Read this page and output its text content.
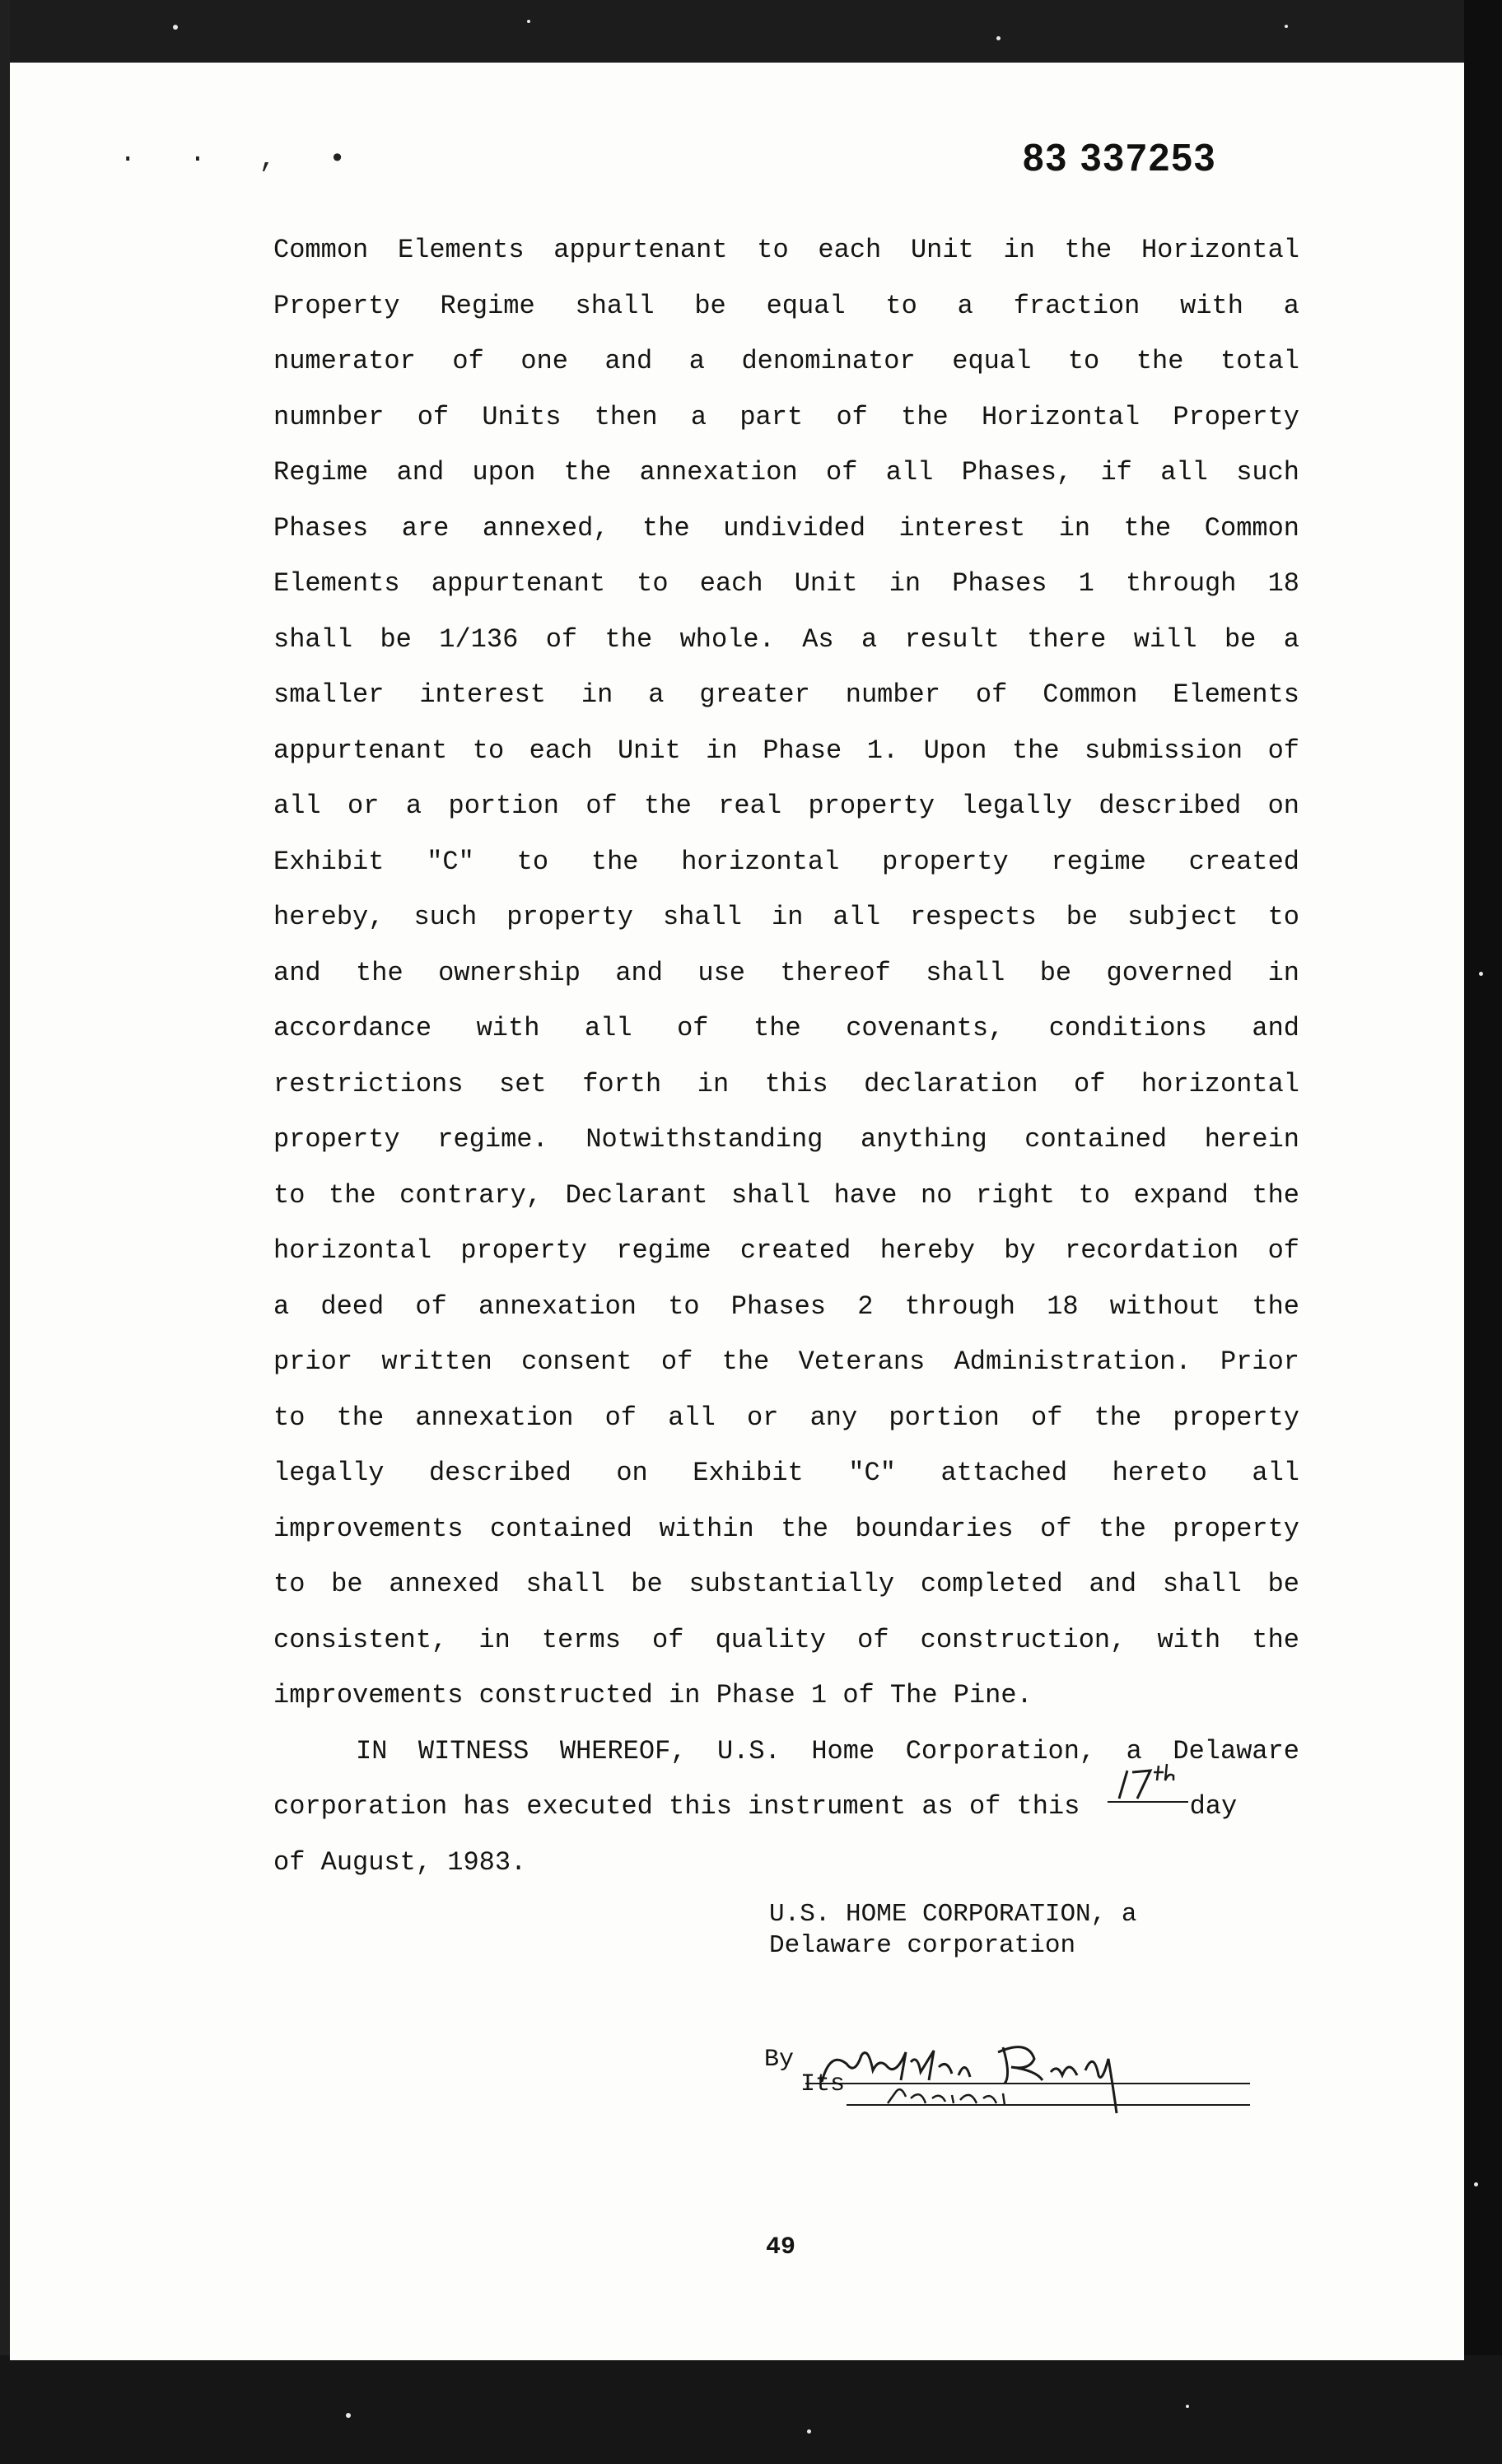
· · , •	83 337253
Common Elements appurtenant to each Unit in the Horizontal
Property Regime shall be equal to a fraction with a
numerator of one and a denominator equal to the total
numnber of Units then a part of the Horizontal Property
Regime and upon the annexation of all Phases, if all such
Phases are annexed, the undivided interest in the Common
Elements appurtenant to each Unit in Phases 1 through 18
shall be 1/136 of the whole. As a result there will be a
smaller interest in a greater number of Common Elements
appurtenant to each Unit in Phase 1. Upon the submission of
all or a portion of the real property legally described on
Exhibit "C" to the horizontal property regime created
hereby, such property shall in all respects be subject to
and the ownership and use thereof shall be governed in
accordance with all of the covenants, conditions and
restrictions set forth in this declaration of horizontal
property regime. Notwithstanding anything contained herein
to the contrary, Declarant shall have no right to expand the
horizontal property regime created hereby by recordation of
a deed of annexation to Phases 2 through 18 without the
prior written consent of the Veterans Administration. Prior
to the annexation of all or any portion of the property
legally described on Exhibit "C" attached hereto all
improvements contained within the boundaries of the property
to be annexed shall be substantially completed and shall be
consistent, in terms of quality of construction, with the
improvements constructed in Phase 1 of The Pine.
IN WITNESS WHEREOF, U.S. Home Corporation, a Delaware
corporation has executed this instrument as of this	day
of August, 1983.
U.S. HOME CORPORATION, a
Delaware corporation
By
Its
49
